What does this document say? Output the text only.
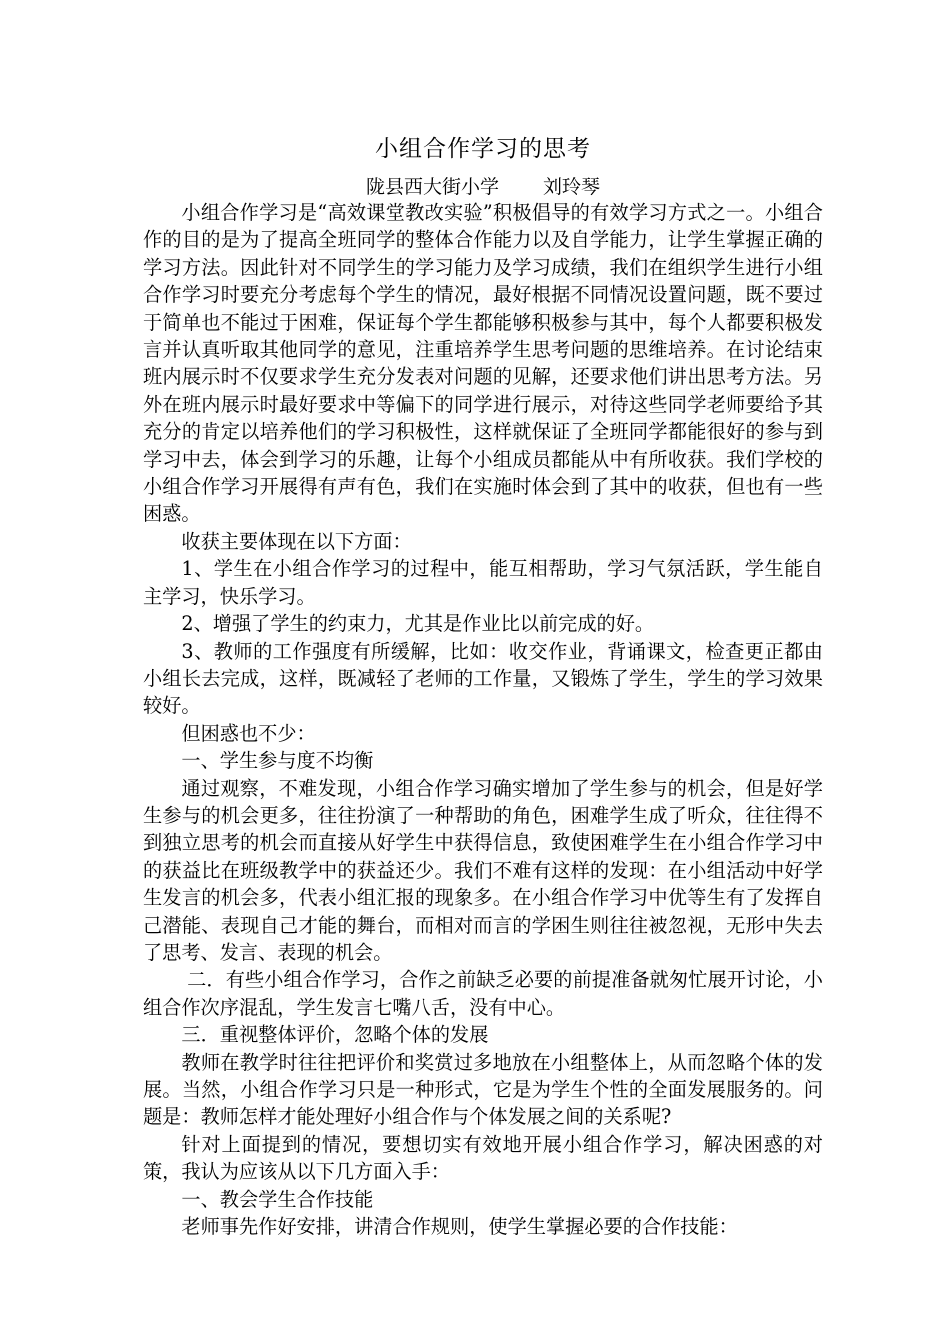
小组合作学习的思考
陇县西大街小学 刘玲琴

小组合作学习是“高效课堂教改实验”积极倡导的有效学习方式之一。小组合作的目的是为了提高全班同学的整体合作能力以及自学能力，让学生掌握正确的学习方法。因此针对不同学生的学习能力及学习成绩，我们在组织学生进行小组合作学习时要充分考虑每个学生的情况，最好根据不同情况设置问题，既不要过于简单也不能过于困难，保证每个学生都能够积极参与其中，每个人都要积极发言并认真听取其他同学的意见，注重培养学生思考问题的思维培养。在讨论结束班内展示时不仅要求学生充分发表对问题的见解，还要求他们讲出思考方法。另外在班内展示时最好要求中等偏下的同学进行展示，对待这些同学老师要给予其充分的肯定以培养他们的学习积极性，这样就保证了全班同学都能很好的参与到学习中去，体会到学习的乐趣，让每个小组成员都能从中有所收获。我们学校的小组合作学习开展得有声有色，我们在实施时体会到了其中的收获，但也有一些困惑。

收获主要体现在以下方面：

1、学生在小组合作学习的过程中，能互相帮助，学习气氛活跃，学生能自主学习，快乐学习。

2、增强了学生的约束力，尤其是作业比以前完成的好。

3、教师的工作强度有所缓解，比如：收交作业，背诵课文，检查更正都由小组长去完成，这样，既减轻了老师的工作量，又锻炼了学生，学生的学习效果较好。

但困惑也不少：

一、学生参与度不均衡

通过观察，不难发现，小组合作学习确实增加了学生参与的机会，但是好学生参与的机会更多，往往扮演了一种帮助的角色，困难学生成了听众，往往得不到独立思考的机会而直接从好学生中获得信息，致使困难学生在小组合作学习中的获益比在班级教学中的获益还少。我们不难有这样的发现：在小组活动中好学生发言的机会多，代表小组汇报的现象多。在小组合作学习中优等生有了发挥自己潜能、表现自己才能的舞台，而相对而言的学困生则往往被忽视，无形中失去了思考、发言、表现的机会。

二．有些小组合作学习，合作之前缺乏必要的前提准备就匆忙展开讨论，小组合作次序混乱，学生发言七嘴八舌，没有中心。

三．重视整体评价，忽略个体的发展

教师在教学时往往把评价和奖赏过多地放在小组整体上，从而忽略个体的发展。当然，小组合作学习只是一种形式，它是为学生个性的全面发展服务的。问题是：教师怎样才能处理好小组合作与个体发展之间的关系呢?

针对上面提到的情况，要想切实有效地开展小组合作学习，解决困惑的对策，我认为应该从以下几方面入手：

一、教会学生合作技能

老师事先作好安排，讲清合作规则，使学生掌握必要的合作技能：
